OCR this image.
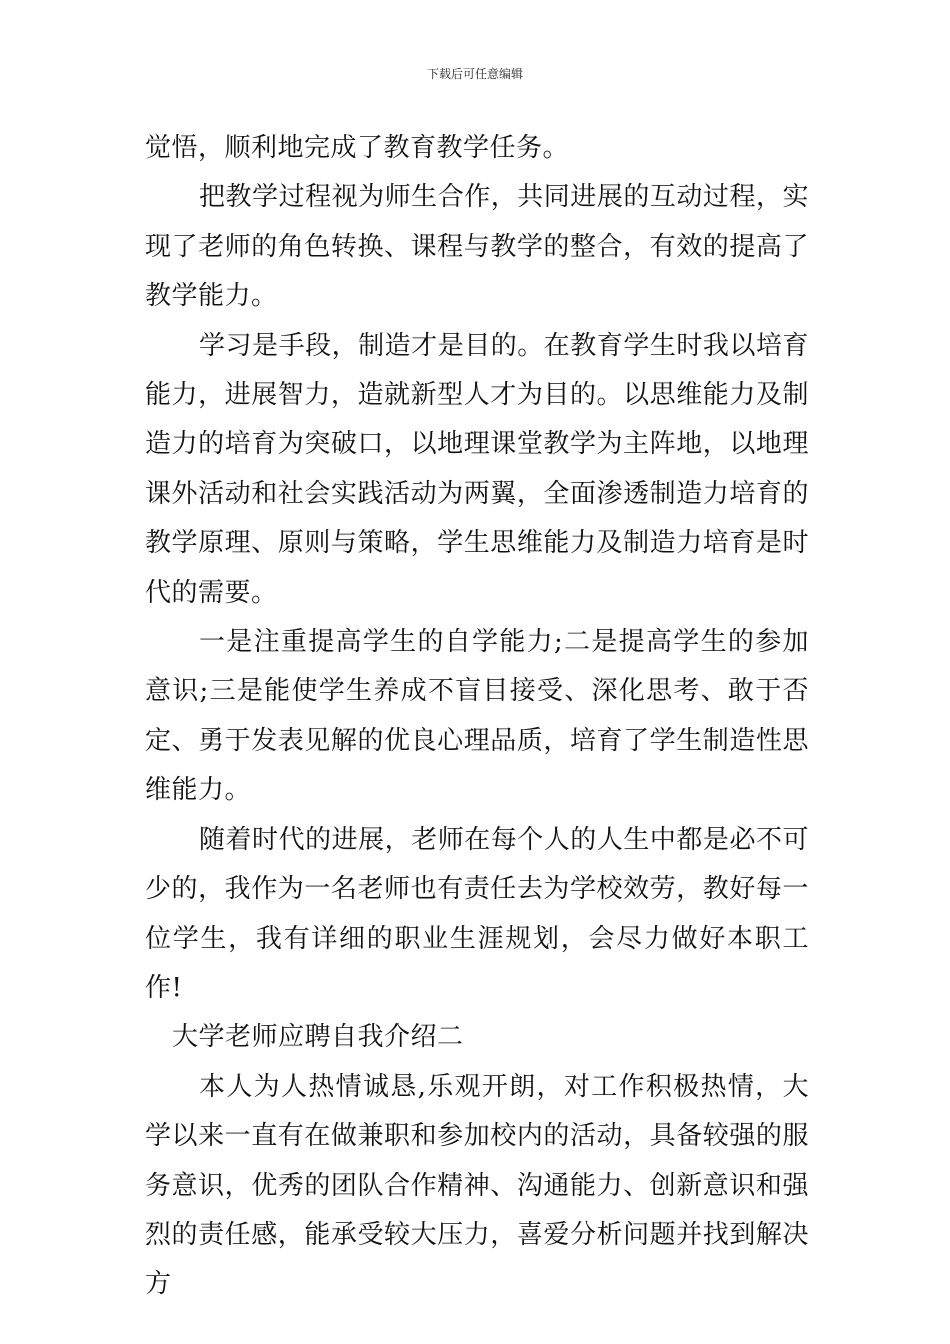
下载后可任意编辑

觉悟，顺利地完成了教育教学任务。

把教学过程视为师生合作，共同进展的互动过程，实现了老师的角色转换、课程与教学的整合，有效的提高了教学能力。

学习是手段，制造才是目的。在教育学生时我以培育能力，进展智力，造就新型人才为目的。以思维能力及制造力的培育为突破口，以地理课堂教学为主阵地，以地理课外活动和社会实践活动为两翼，全面渗透制造力培育的教学原理、原则与策略，学生思维能力及制造力培育是时代的需要。

一是注重提高学生的自学能力;二是提高学生的参加意识;三是能使学生养成不盲目接受、深化思考、敢于否定、勇于发表见解的优良心理品质，培育了学生制造性思维能力。

随着时代的进展，老师在每个人的人生中都是必不可少的，我作为一名老师也有责任去为学校效劳，教好每一位学生，我有详细的职业生涯规划，会尽力做好本职工作!

大学老师应聘自我介绍二

本人为人热情诚恳,乐观开朗，对工作积极热情，大学以来一直有在做兼职和参加校内的活动，具备较强的服务意识，优秀的团队合作精神、沟通能力、创新意识和强烈的责任感，能承受较大压力，喜爱分析问题并找到解决方
